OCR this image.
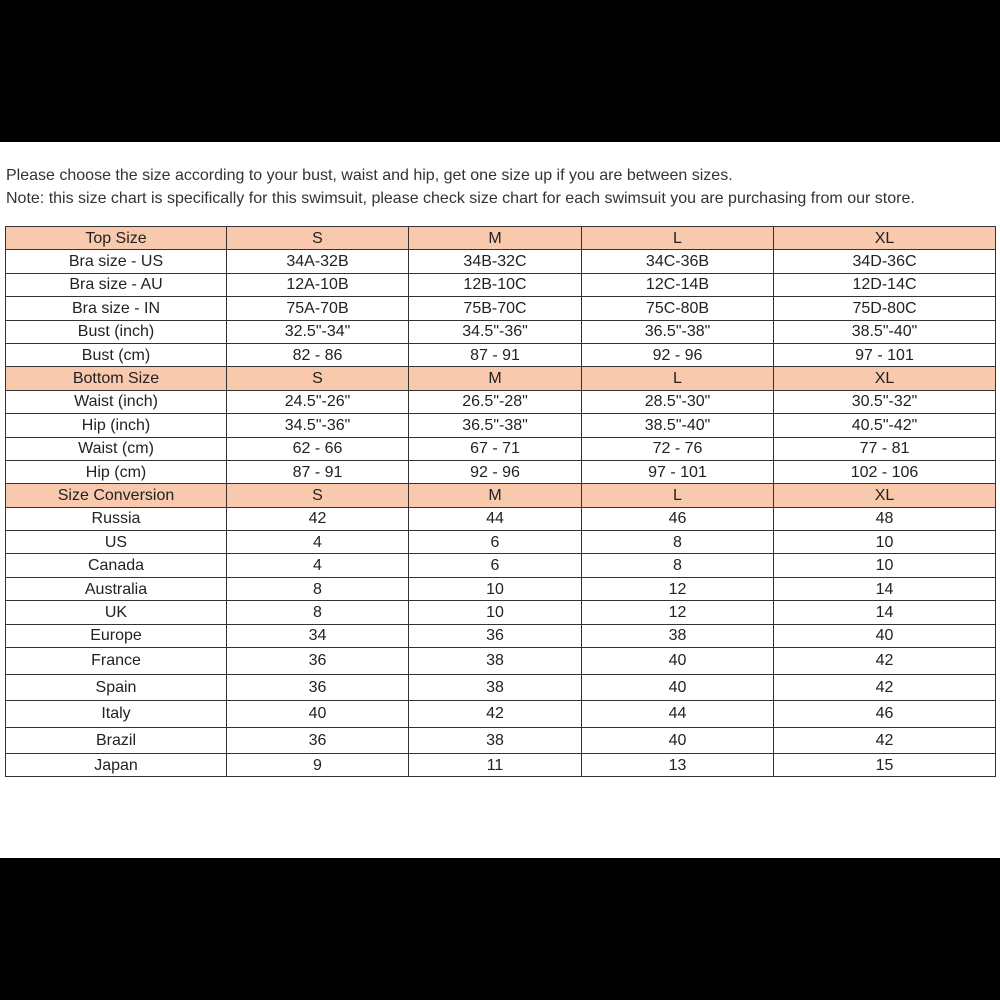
Please choose the size according to your bust, waist and hip, get one size up if you are between sizes.
Note: this size chart is specifically for this swimsuit, please check size chart for each swimsuit you are purchasing from our store.
Top Size	S	M	L	XL
Bra size - US	34A-32B	34B-32C	34C-36B	34D-36C
Bra size - AU	12A-10B	12B-10C	12C-14B	12D-14C
Bra size - IN	75A-70B	75B-70C	75C-80B	75D-80C
Bust (inch)	32.5"-34"	34.5"-36"	36.5"-38"	38.5"-40"
Bust (cm)	82 - 86	87 - 91	92 - 96	97 - 101
Bottom Size	S	M	L	XL
Waist (inch)	24.5"-26"	26.5"-28"	28.5"-30"	30.5"-32"
Hip (inch)	34.5"-36"	36.5"-38"	38.5"-40"	40.5"-42"
Waist (cm)	62 - 66	67 - 71	72 - 76	77 - 81
Hip (cm)	87 - 91	92 - 96	97 - 101	102 - 106
Size Conversion	S	M	L	XL
Russia	42	44	46	48
US	4	6	8	10
Canada	4	6	8	10
Australia	8	10	12	14
UK	8	10	12	14
Europe	34	36	38	40
France	36	38	40	42
Spain	36	38	40	42
Italy	40	42	44	46
Brazil	36	38	40	42
Japan	9	11	13	15
